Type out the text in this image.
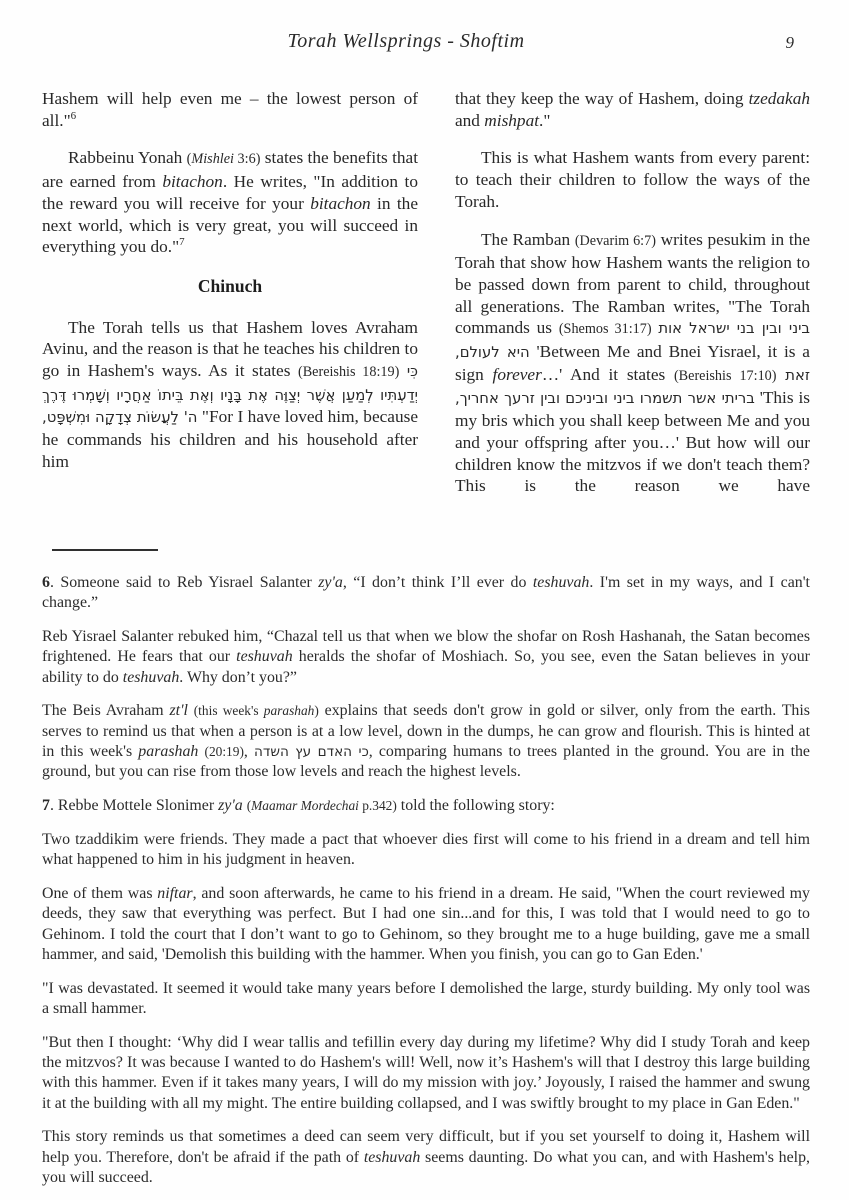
Torah Wellsprings - Shoftim	9

Hashem will help even me – the lowest person of all."$^6$

Rabbeinu Yonah (Mishlei 3:6) states the benefits that are earned from bitachon. He writes, "In addition to the reward you will receive for your bitachon in the next world, which is very great, you will succeed in everything you do."$^7$

Chinuch

The Torah tells us that Hashem loves Avraham Avinu, and the reason is that he teaches his children to go in Hashem's ways. As it states (Bereishis 18:19) כִּי יְדַעְתִּיו לְמַעַן אֲשֶׁר יְצַוֶּה אֶת בָּנָיו וְאֶת בֵּיתוֹ אַחֲרָיו וְשָׁמְרוּ דֶּרֶךְ ה' לַעֲשׂוֹת צְדָקָה וּמִשְׁפָּט, "For I have loved him, because he commands his children and his household after him

that they keep the way of Hashem, doing tzedakah and mishpat."

This is what Hashem wants from every parent: to teach their children to follow the ways of the Torah.

The Ramban (Devarim 6:7) writes pesukim in the Torah that show how Hashem wants the religion to be passed down from parent to child, throughout all generations. The Ramban writes, "The Torah commands us (Shemos 31:17) ביני ובין בני ישראל אות היא לעולם, 'Between Me and Bnei Yisrael, it is a sign forever…' And it states (Bereishis 17:10) זאת בריתי אשר תשמרו ביני וביניכם ובין זרעך אחריך, 'This is my bris which you shall keep between Me and you and your offspring after you…' But how will our children know the mitzvos if we don't teach them? This is the reason we have

6. Someone said to Reb Yisrael Salanter zy'a, “I don’t think I’ll ever do teshuvah. I'm set in my ways, and I can't change.”

Reb Yisrael Salanter rebuked him, “Chazal tell us that when we blow the shofar on Rosh Hashanah, the Satan becomes frightened. He fears that our teshuvah heralds the shofar of Moshiach. So, you see, even the Satan believes in your ability to do teshuvah. Why don’t you?”

The Beis Avraham zt'l (this week's parashah) explains that seeds don't grow in gold or silver, only from the earth. This serves to remind us that when a person is at a low level, down in the dumps, he can grow and flourish. This is hinted at in this week's parashah (20:19), כי האדם עץ השדה, comparing humans to trees planted in the ground. You are in the ground, but you can rise from those low levels and reach the highest levels.

7. Rebbe Mottele Slonimer zy'a (Maamar Mordechai p.342) told the following story:

Two tzaddikim were friends. They made a pact that whoever dies first will come to his friend in a dream and tell him what happened to him in his judgment in heaven.

One of them was niftar, and soon afterwards, he came to his friend in a dream. He said, "When the court reviewed my deeds, they saw that everything was perfect. But I had one sin...and for this, I was told that I would need to go to Gehinom. I told the court that I don’t want to go to Gehinom, so they brought me to a huge building, gave me a small hammer, and said, 'Demolish this building with the hammer. When you finish, you can go to Gan Eden.'

"I was devastated. It seemed it would take many years before I demolished the large, sturdy building. My only tool was a small hammer.

"But then I thought: ‘Why did I wear tallis and tefillin every day during my lifetime? Why did I study Torah and keep the mitzvos? It was because I wanted to do Hashem's will! Well, now it’s Hashem's will that I destroy this large building with this hammer. Even if it takes many years, I will do my mission with joy.’ Joyously, I raised the hammer and swung it at the building with all my might. The entire building collapsed, and I was swiftly brought to my place in Gan Eden."

This story reminds us that sometimes a deed can seem very difficult, but if you set yourself to doing it, Hashem will help you. Therefore, don't be afraid if the path of teshuvah seems daunting. Do what you can, and with Hashem's help, you will succeed.
